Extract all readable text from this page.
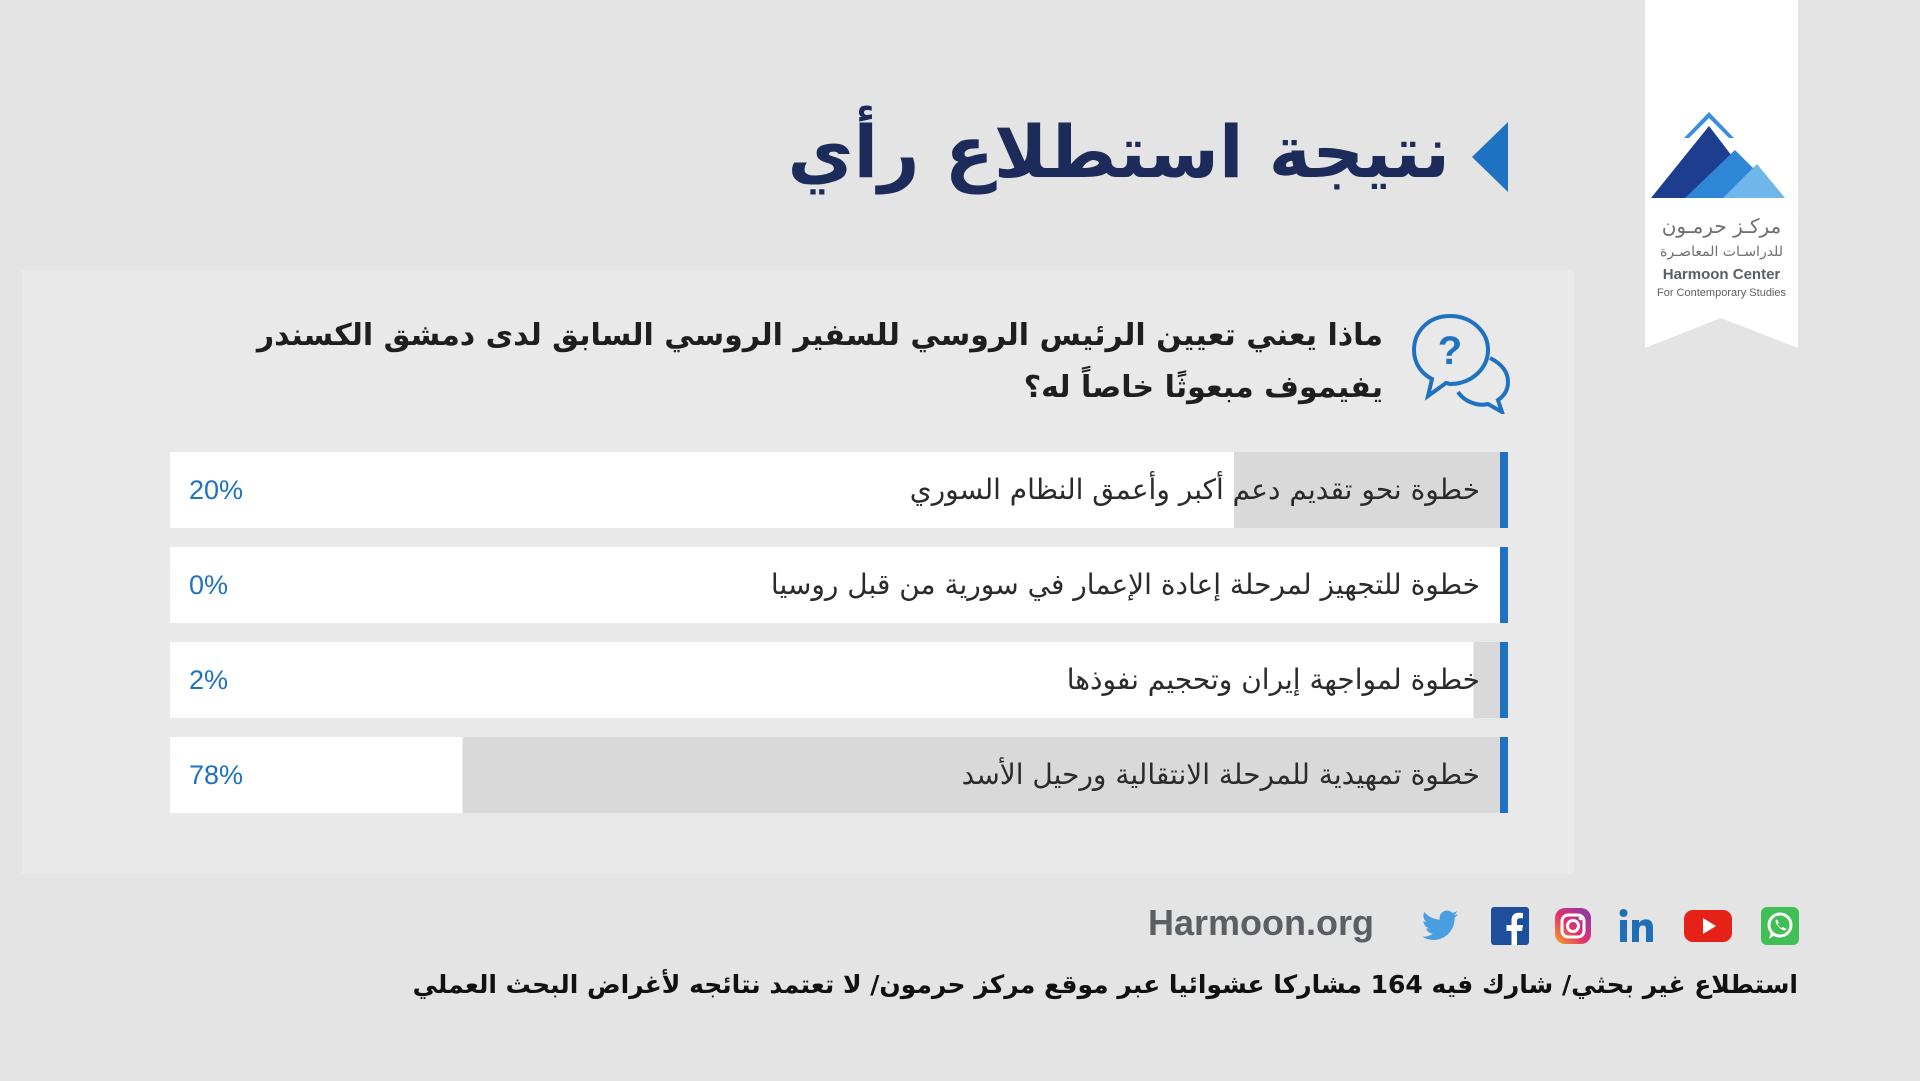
مركـز حرمـون
للدراسـات المعاصـرة
Harmoon Center
For Contemporary Studies
نتيجة استطلاع رأي
ماذا يعني تعيين الرئيس الروسي للسفير الروسي السابق لدى دمشق الكسندر يفيموف مبعوثًا خاصاً له؟
?
خطوة نحو تقديم دعم أكبر وأعمق النظام السوري
20%
خطوة للتجهيز لمرحلة إعادة الإعمار في سورية من قبل روسيا
0%
خطوة لمواجهة إيران وتحجيم نفوذها
2%
خطوة تمهيدية للمرحلة الانتقالية ورحيل الأسد
78%
Harmoon.org
استطلاع غير بحثي/ شارك فيه 164 مشاركا عشوائيا عبر موقع مركز حرمون/ لا تعتمد نتائجه لأغراض البحث العملي
